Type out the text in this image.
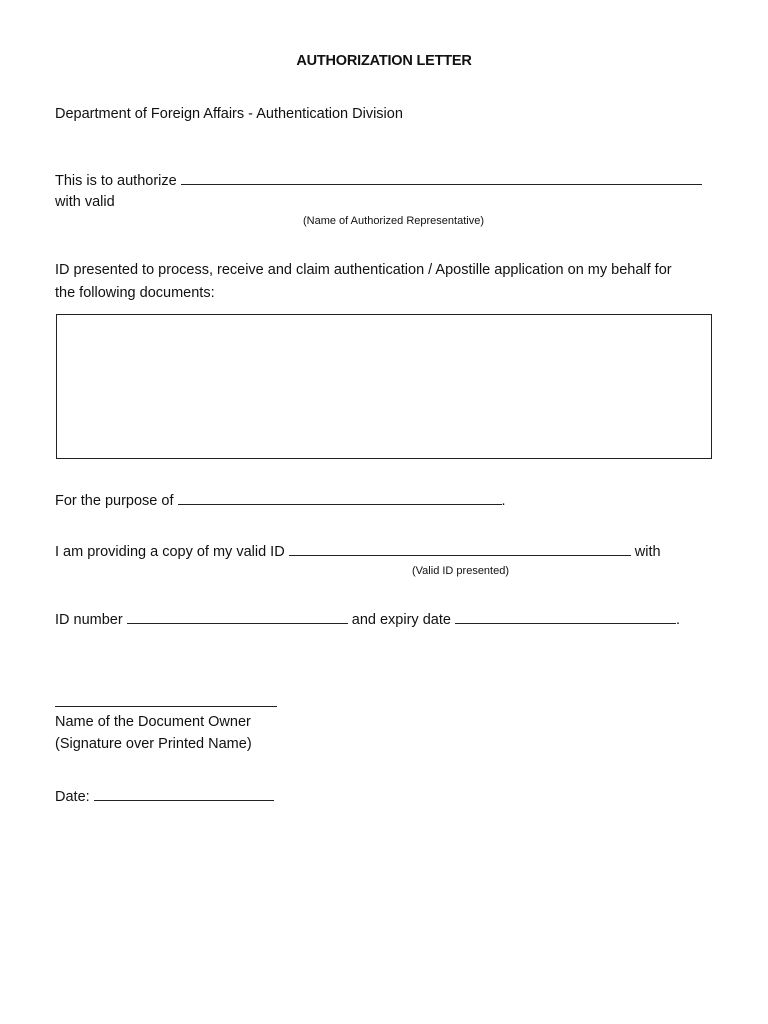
AUTHORIZATION LETTER
Department of Foreign Affairs - Authentication Division
This is to authorize
with valid
(Name of Authorized Representative)
ID presented to process, receive and claim authentication / Apostille application on my behalf for
the following documents:
For the purpose of	.
I am providing a copy of my valid ID	with
(Valid ID presented)
ID number	and expiry date	.
Name of the Document Owner
(Signature over Printed Name)
Date:
